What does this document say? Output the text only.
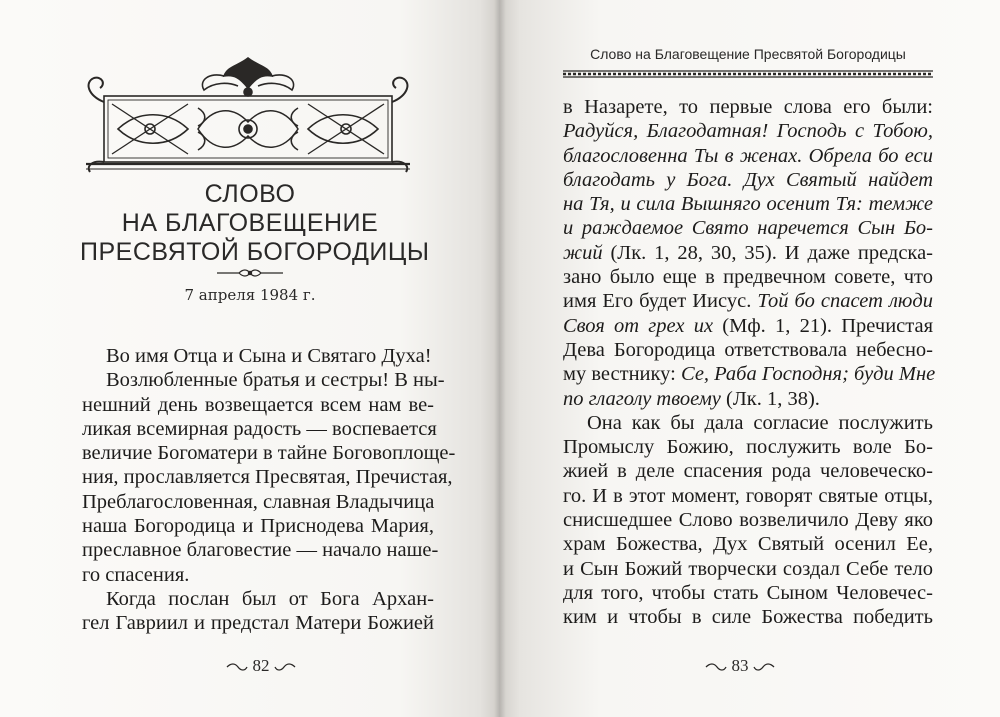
СЛОВО
НА БЛАГОВЕЩЕНИЕ
ПРЕСВЯТОЙ БОГОРОДИЦЫ
7 апреля 1984 г.
Во имя Отца и Сына и Святаго Духа!
Возлюбленные братья и сестры! В ны-
нешний день возвещается всем нам ве-
ликая всемирная радость — воспевается
величие Богоматери в тайне Боговоплоще-
ния, прославляется Пресвятая, Пречистая,
Преблагословенная, славная Владычица
наша Богородица и Приснодева Мария,
преславное благовестие — начало наше-
го спасения.
Когда послан был от Бога Архан-
гел Гавриил и предстал Матери Божией
82
Слово на Благовещение Пресвятой Богородицы
в Назарете, то первые слова его были:
Радуйся, Благодатная! Господь с Тобою,
благословенна Ты в женах. Обрела бо еси
благодать у Бога. Дух Святый найдет
на Тя, и сила Вышняго осенит Тя: темже
и раждаемое Свято наречется Сын Бо-
жий (Лк. 1, 28, 30, 35). И даже предска-
зано было еще в предвечном совете, что
имя Его будет Иисус. Той бо спасет люди
Своя от грех их (Мф. 1, 21). Пречистая
Дева Богородица ответствовала небесно-
му вестнику: Се, Раба Господня; буди Мне
по глаголу твоему (Лк. 1, 38).
Она как бы дала согласие послужить
Промыслу Божию, послужить воле Бо-
жией в деле спасения рода человеческо-
го. И в этот момент, говорят святые отцы,
снисшедшее Слово возвеличило Деву яко
храм Божества, Дух Святый осенил Ее,
и Сын Божий творчески создал Себе тело
для того, чтобы стать Сыном Человечес-
ким и чтобы в силе Божества победить
83
